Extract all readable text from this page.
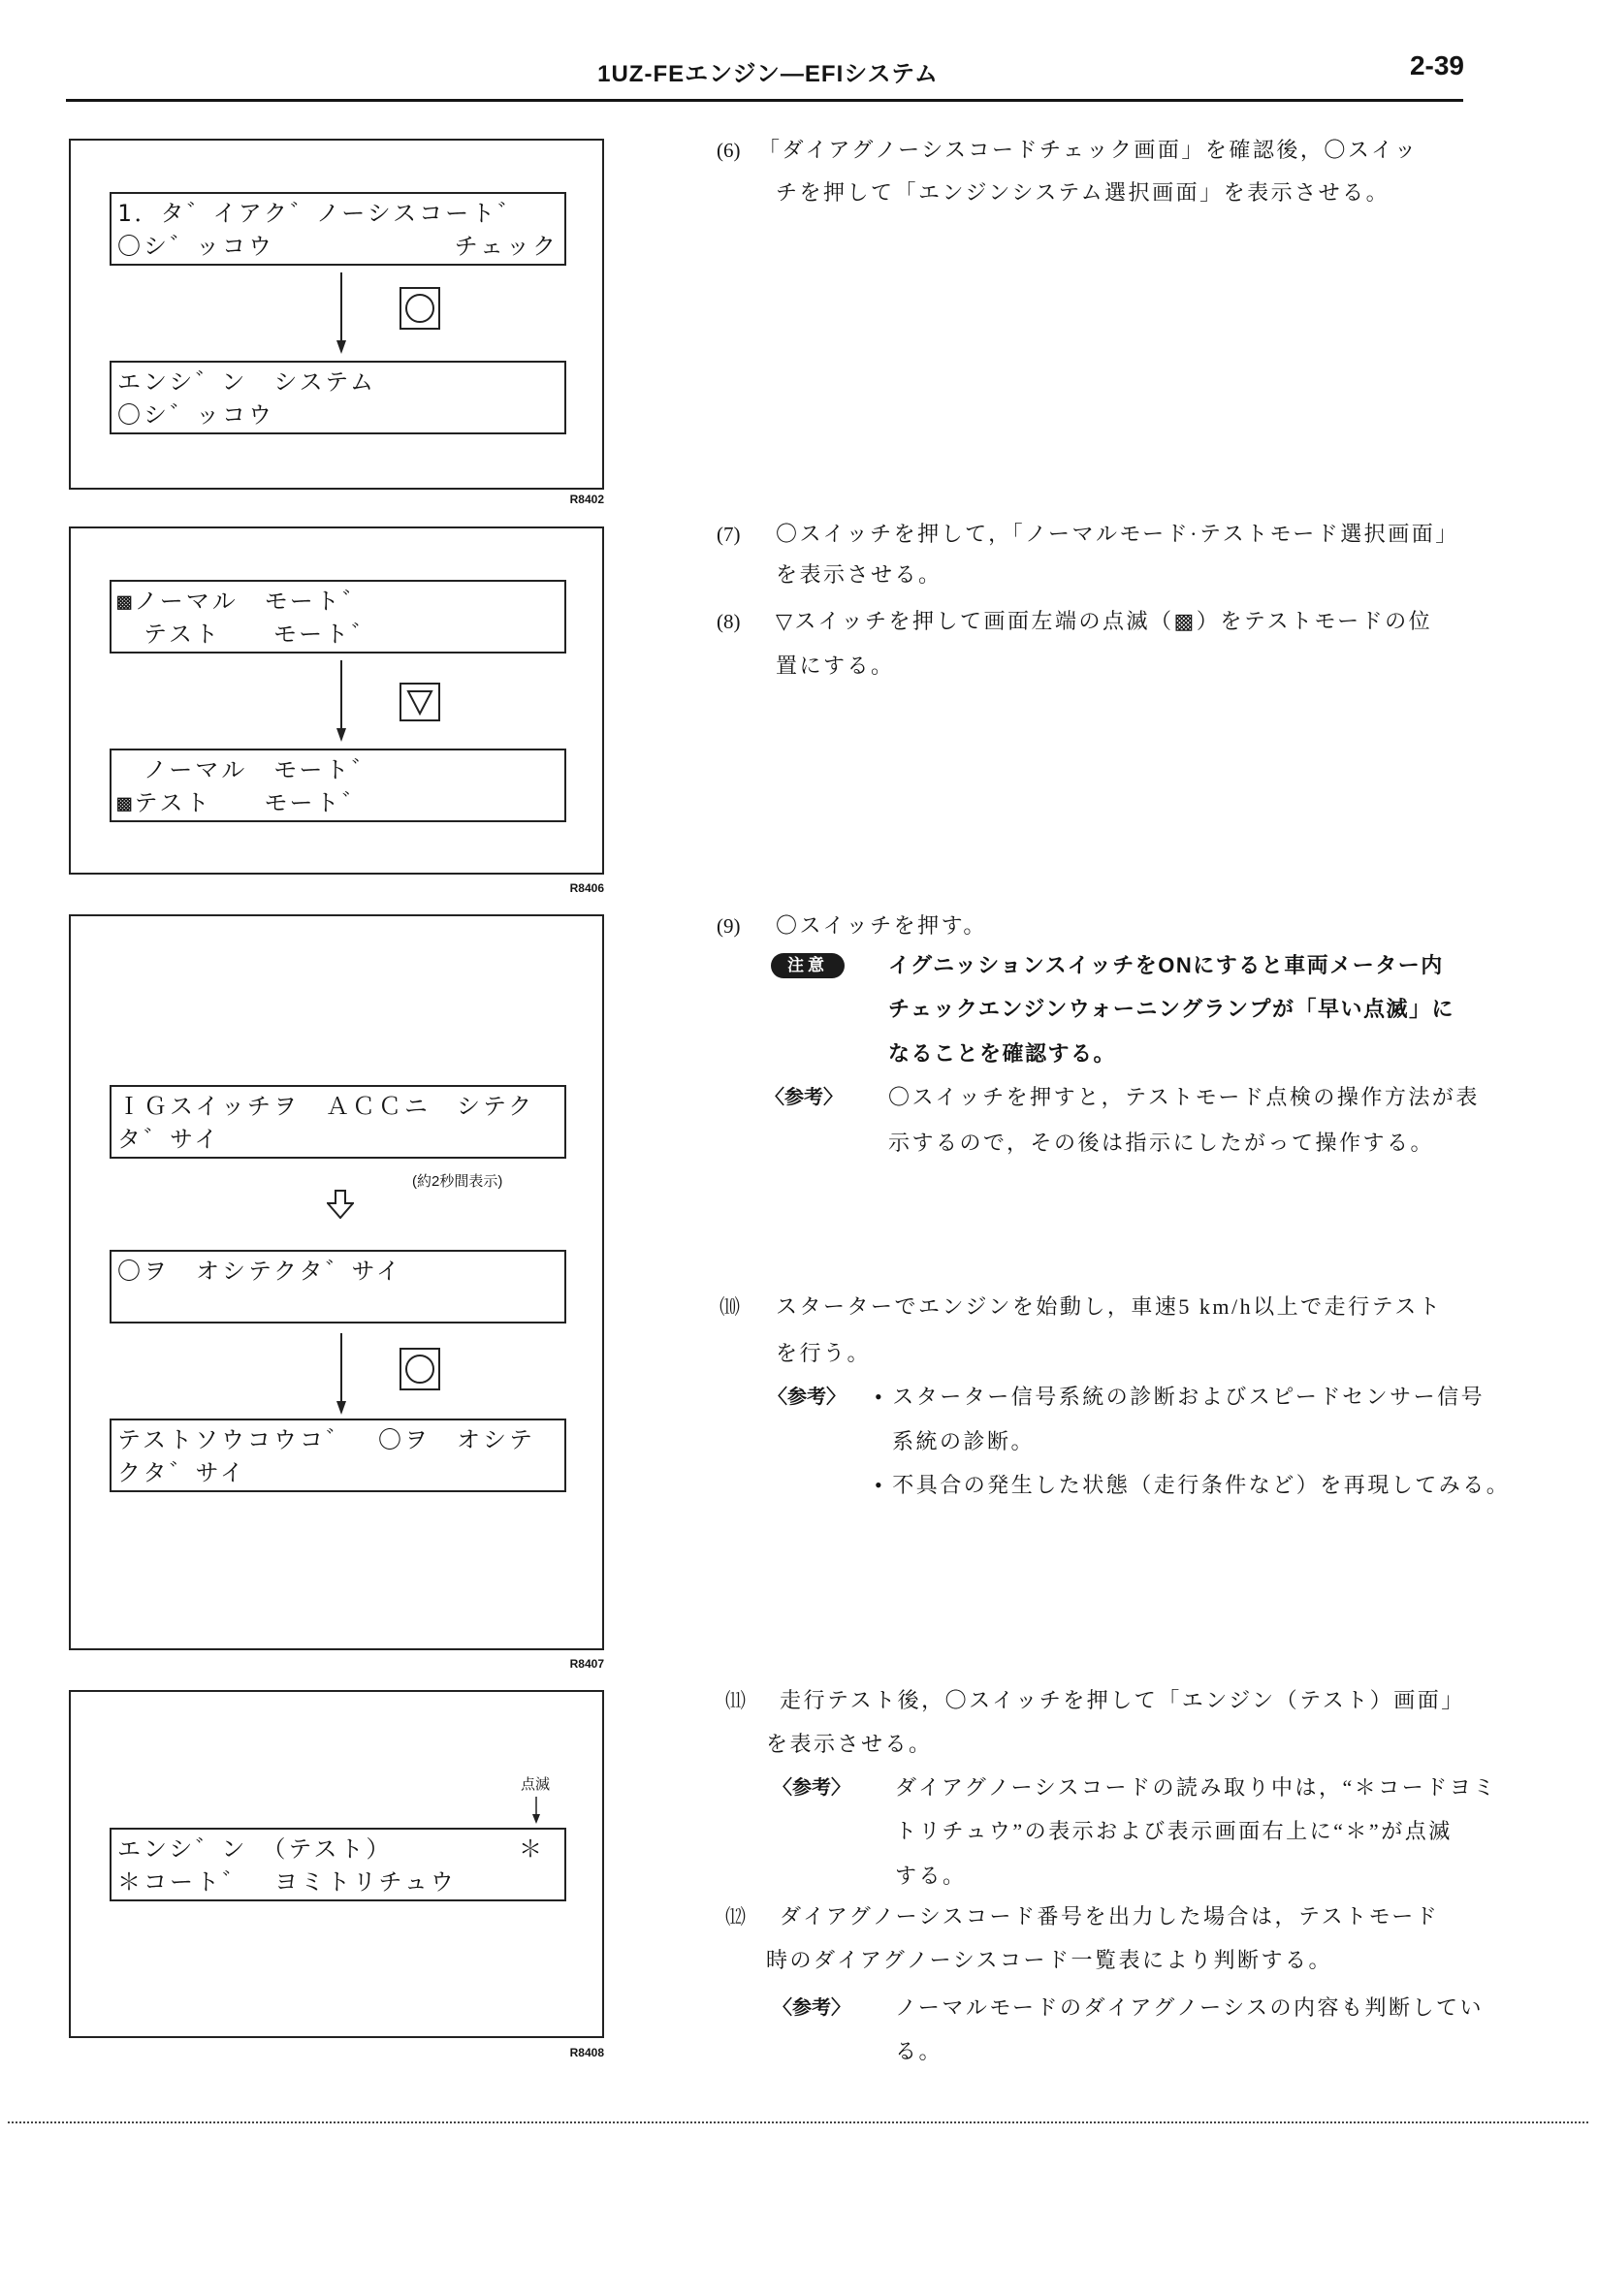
1UZ-FEエンジン―EFIシステム	2-39
1．タ゛イアク゛ノーシスコート゛
〇シ゛ッコウ	チェック
エンシ゛ン　システム
〇シ゛ッコウ
R8402
▩ノーマル　モート゛
　テスト　　モート゛
　ノーマル　モート゛
▩テスト　　モート゛
R8406
ＩＧスイッチヲ　ＡＣＣニ　シテク
タ゛サイ
(約2秒間表示)
〇ヲ　オシテクタ゛サイ
テストソウコウコ゛　〇ヲ　オシテ
クタ゛サイ
R8407
点滅
エンシ゛ン　（テスト）	＊
＊コート゛　ヨミトリチュウ
R8408
(6) 「ダイアグノーシスコードチェック画面」を確認後，〇スイッ
チを押して「エンジンシステム選択画面」を表示させる。
(7) 〇スイッチを押して，「ノーマルモード·テストモード選択画面」
を表示させる。
(8) ▽スイッチを押して画面左端の点滅（▩）をテストモードの位
置にする。
(9) 〇スイッチを押す。
注意	イグニッションスイッチをONにすると車両メーター内
チェックエンジンウォーニングランプが「早い点滅」に
なることを確認する。
〈参考〉 〇スイッチを押すと，テストモード点検の操作方法が表
示するので，その後は指示にしたがって操作する。
⑽ スターターでエンジンを始動し，車速5 km/h以上で走行テスト
を行う。
〈参考〉 • スターター信号系統の診断およびスピードセンサー信号
系統の診断。
• 不具合の発生した状態（走行条件など）を再現してみる。
⑾ 走行テスト後，〇スイッチを押して「エンジン（テスト）画面」
を表示させる。
〈参考〉 ダイアグノーシスコードの読み取り中は，“＊コードヨミ
トリチュウ”の表示および表示画面右上に“＊”が点滅
する。
⑿ ダイアグノーシスコード番号を出力した場合は，テストモード
時のダイアグノーシスコード一覧表により判断する。
〈参考〉 ノーマルモードのダイアグノーシスの内容も判断してい
る。
